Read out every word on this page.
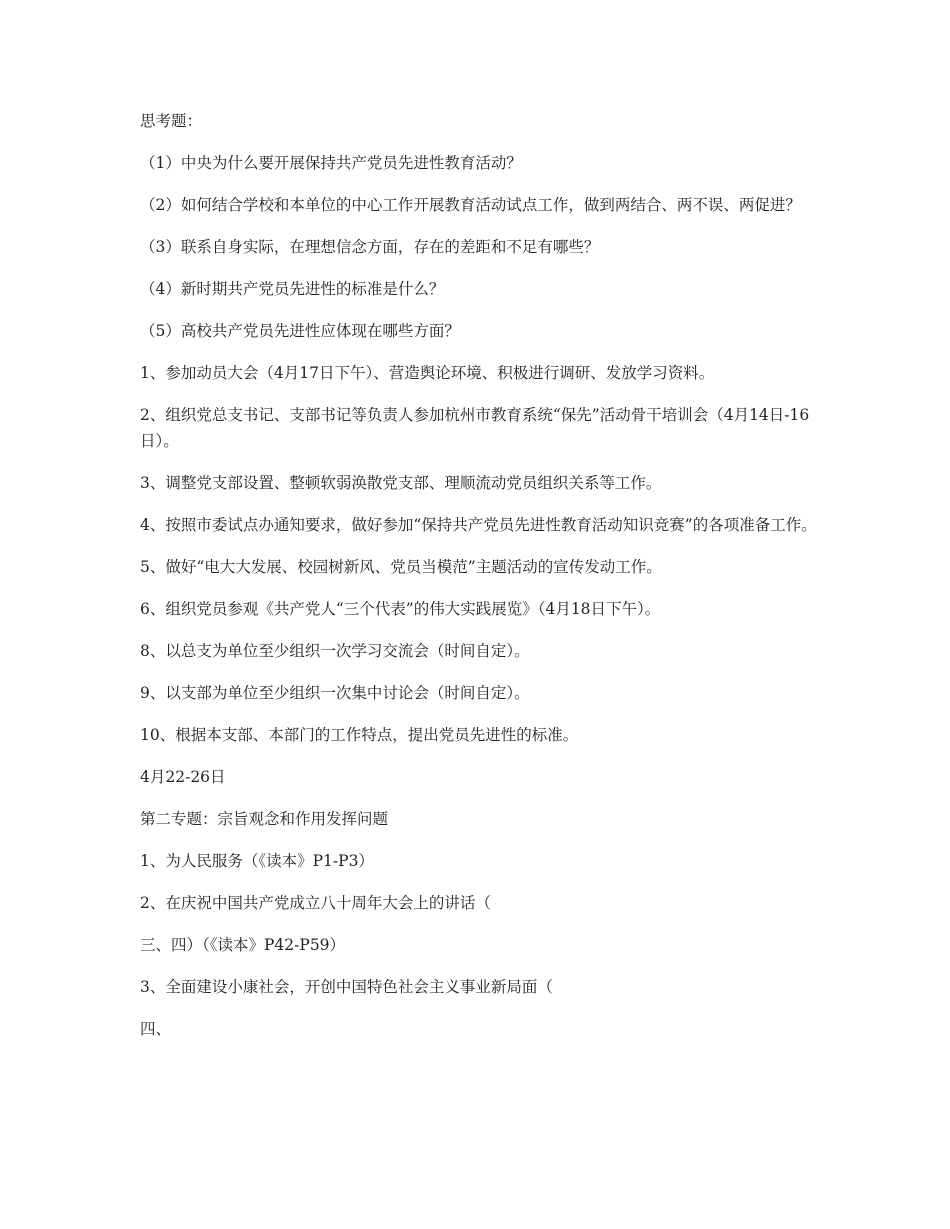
思考题：

（1）中央为什么要开展保持共产党员先进性教育活动？

（2）如何结合学校和本单位的中心工作开展教育活动试点工作，做到两结合、两不误、两促进？

（3）联系自身实际，在理想信念方面，存在的差距和不足有哪些？

（4）新时期共产党员先进性的标准是什么？

（5）高校共产党员先进性应体现在哪些方面？

1、参加动员大会（4月17日下午）、营造舆论环境、积极进行调研、发放学习资料。

2、组织党总支书记、支部书记等负责人参加杭州市教育系统“保先”活动骨干培训会（4月14日-16日）。

3、调整党支部设置、整顿软弱涣散党支部、理顺流动党员组织关系等工作。

4、按照市委试点办通知要求，做好参加“保持共产党员先进性教育活动知识竞赛”的各项准备工作。

5、做好“电大大发展、校园树新风、党员当模范”主题活动的宣传发动工作。

6、组织党员参观《共产党人“三个代表”的伟大实践展览》（4月18日下午）。

8、以总支为单位至少组织一次学习交流会（时间自定）。

9、以支部为单位至少组织一次集中讨论会（时间自定）。

10、根据本支部、本部门的工作特点，提出党员先进性的标准。

4月22-26日

第二专题：宗旨观念和作用发挥问题

1、为人民服务（《读本》P1-P3）

2、在庆祝中国共产党成立八十周年大会上的讲话（

三、四）（《读本》P42-P59）

3、全面建设小康社会，开创中国特色社会主义事业新局面（

四、
